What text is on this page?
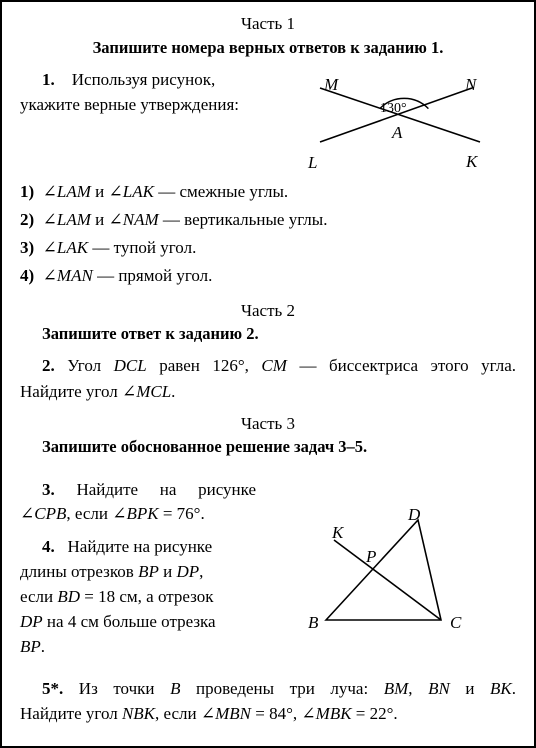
Часть 1
Запишите номера верных ответов к заданию 1.
1. Используя рисунок,
укажите верные утверждения:	130°
M	N
L	K
A
1) ∠LAM и ∠LAK — смежные углы.
2) ∠LAM и ∠NAM — вертикальные углы.
3) ∠LAK — тупой угол.
4) ∠MAN — прямой угол.
Часть 2
Запишите ответ к заданию 2.
2. Угол DCL равен 126°, CM — биссектриса этого угла.
Найдите угол ∠MCL.
Часть 3
Запишите обоснованное решение задач 3–5.
3. Найдите на рисунке
∠CPB, если ∠BPK = 76°.
4. Найдите на рисунке
длины отрезков BP и DP,
если BD = 18 см, а отрезок
DP на 4 см больше отрезка
BP.
K
D
P
B	C
5*. Из точки B проведены три луча: BM, BN и BK.
Найдите угол NBK, если ∠MBN = 84°, ∠MBK = 22°.
